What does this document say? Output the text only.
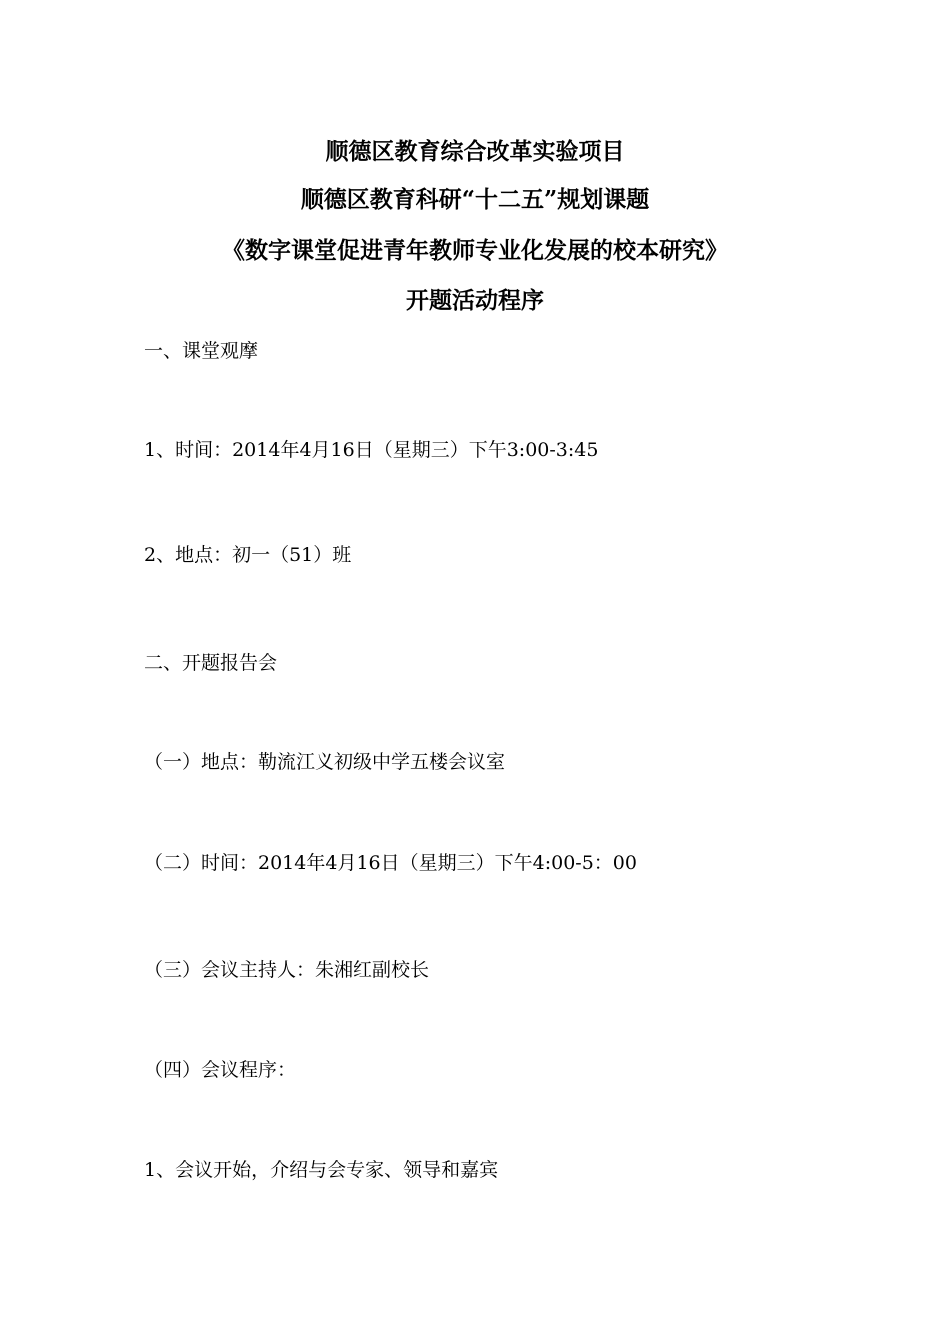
顺德区教育综合改革实验项目
顺德区教育科研“十二五”规划课题
《数字课堂促进青年教师专业化发展的校本研究》
开题活动程序
一、课堂观摩
1、时间：2014年4月16日（星期三）下午3:00-3:45
2、地点：初一（51）班
二、开题报告会
（一）地点：勒流江义初级中学五楼会议室
（二）时间：2014年4月16日（星期三）下午4:00-5：00
（三）会议主持人：朱湘红副校长
（四）会议程序：
1、会议开始，介绍与会专家、领导和嘉宾
